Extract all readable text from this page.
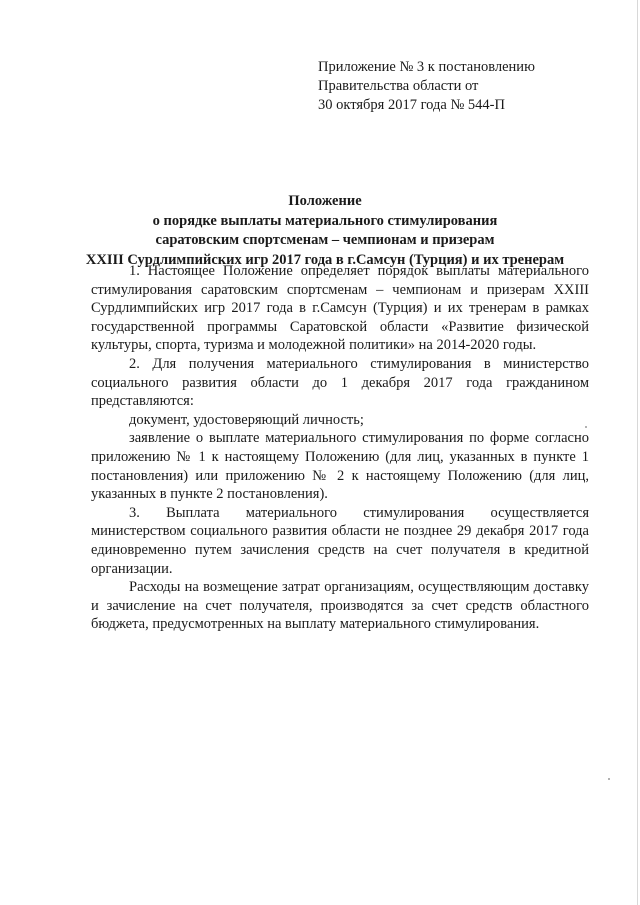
Приложение № 3 к постановлению
Правительства области от
30 октября 2017 года № 544-П
Положение
о порядке выплаты материального стимулирования
саратовским спортсменам – чемпионам и призерам
XXIII Сурдлимпийских игр 2017 года в г.Самсун (Турция) и их тренерам

1. Настоящее Положение определяет порядок выплаты материального стимулирования саратовским спортсменам – чемпионам и призерам XXIII Сурдлимпийских игр 2017 года в г.Самсун (Турция) и их тренерам в рамках государственной программы Саратовской области «Развитие физической культуры, спорта, туризма и молодежной политики» на 2014-2020 годы.

2. Для получения материального стимулирования в министерство социального развития области до 1 декабря 2017 года гражданином представляются:

документ, удостоверяющий личность;

заявление о выплате материального стимулирования по форме согласно приложению № 1 к настоящему Положению (для лиц, указанных в пункте 1 постановления) или приложению № 2 к настоящему Положению (для лиц, указанных в пункте 2 постановления).

3. Выплата материального стимулирования осуществляется министерством социального развития области не позднее 29 декабря 2017 года единовременно путем зачисления средств на счет получателя в кредитной организации.

Расходы на возмещение затрат организациям, осуществляющим доставку и зачисление на счет получателя, производятся за счет средств областного бюджета, предусмотренных на выплату материального стимулирования.
